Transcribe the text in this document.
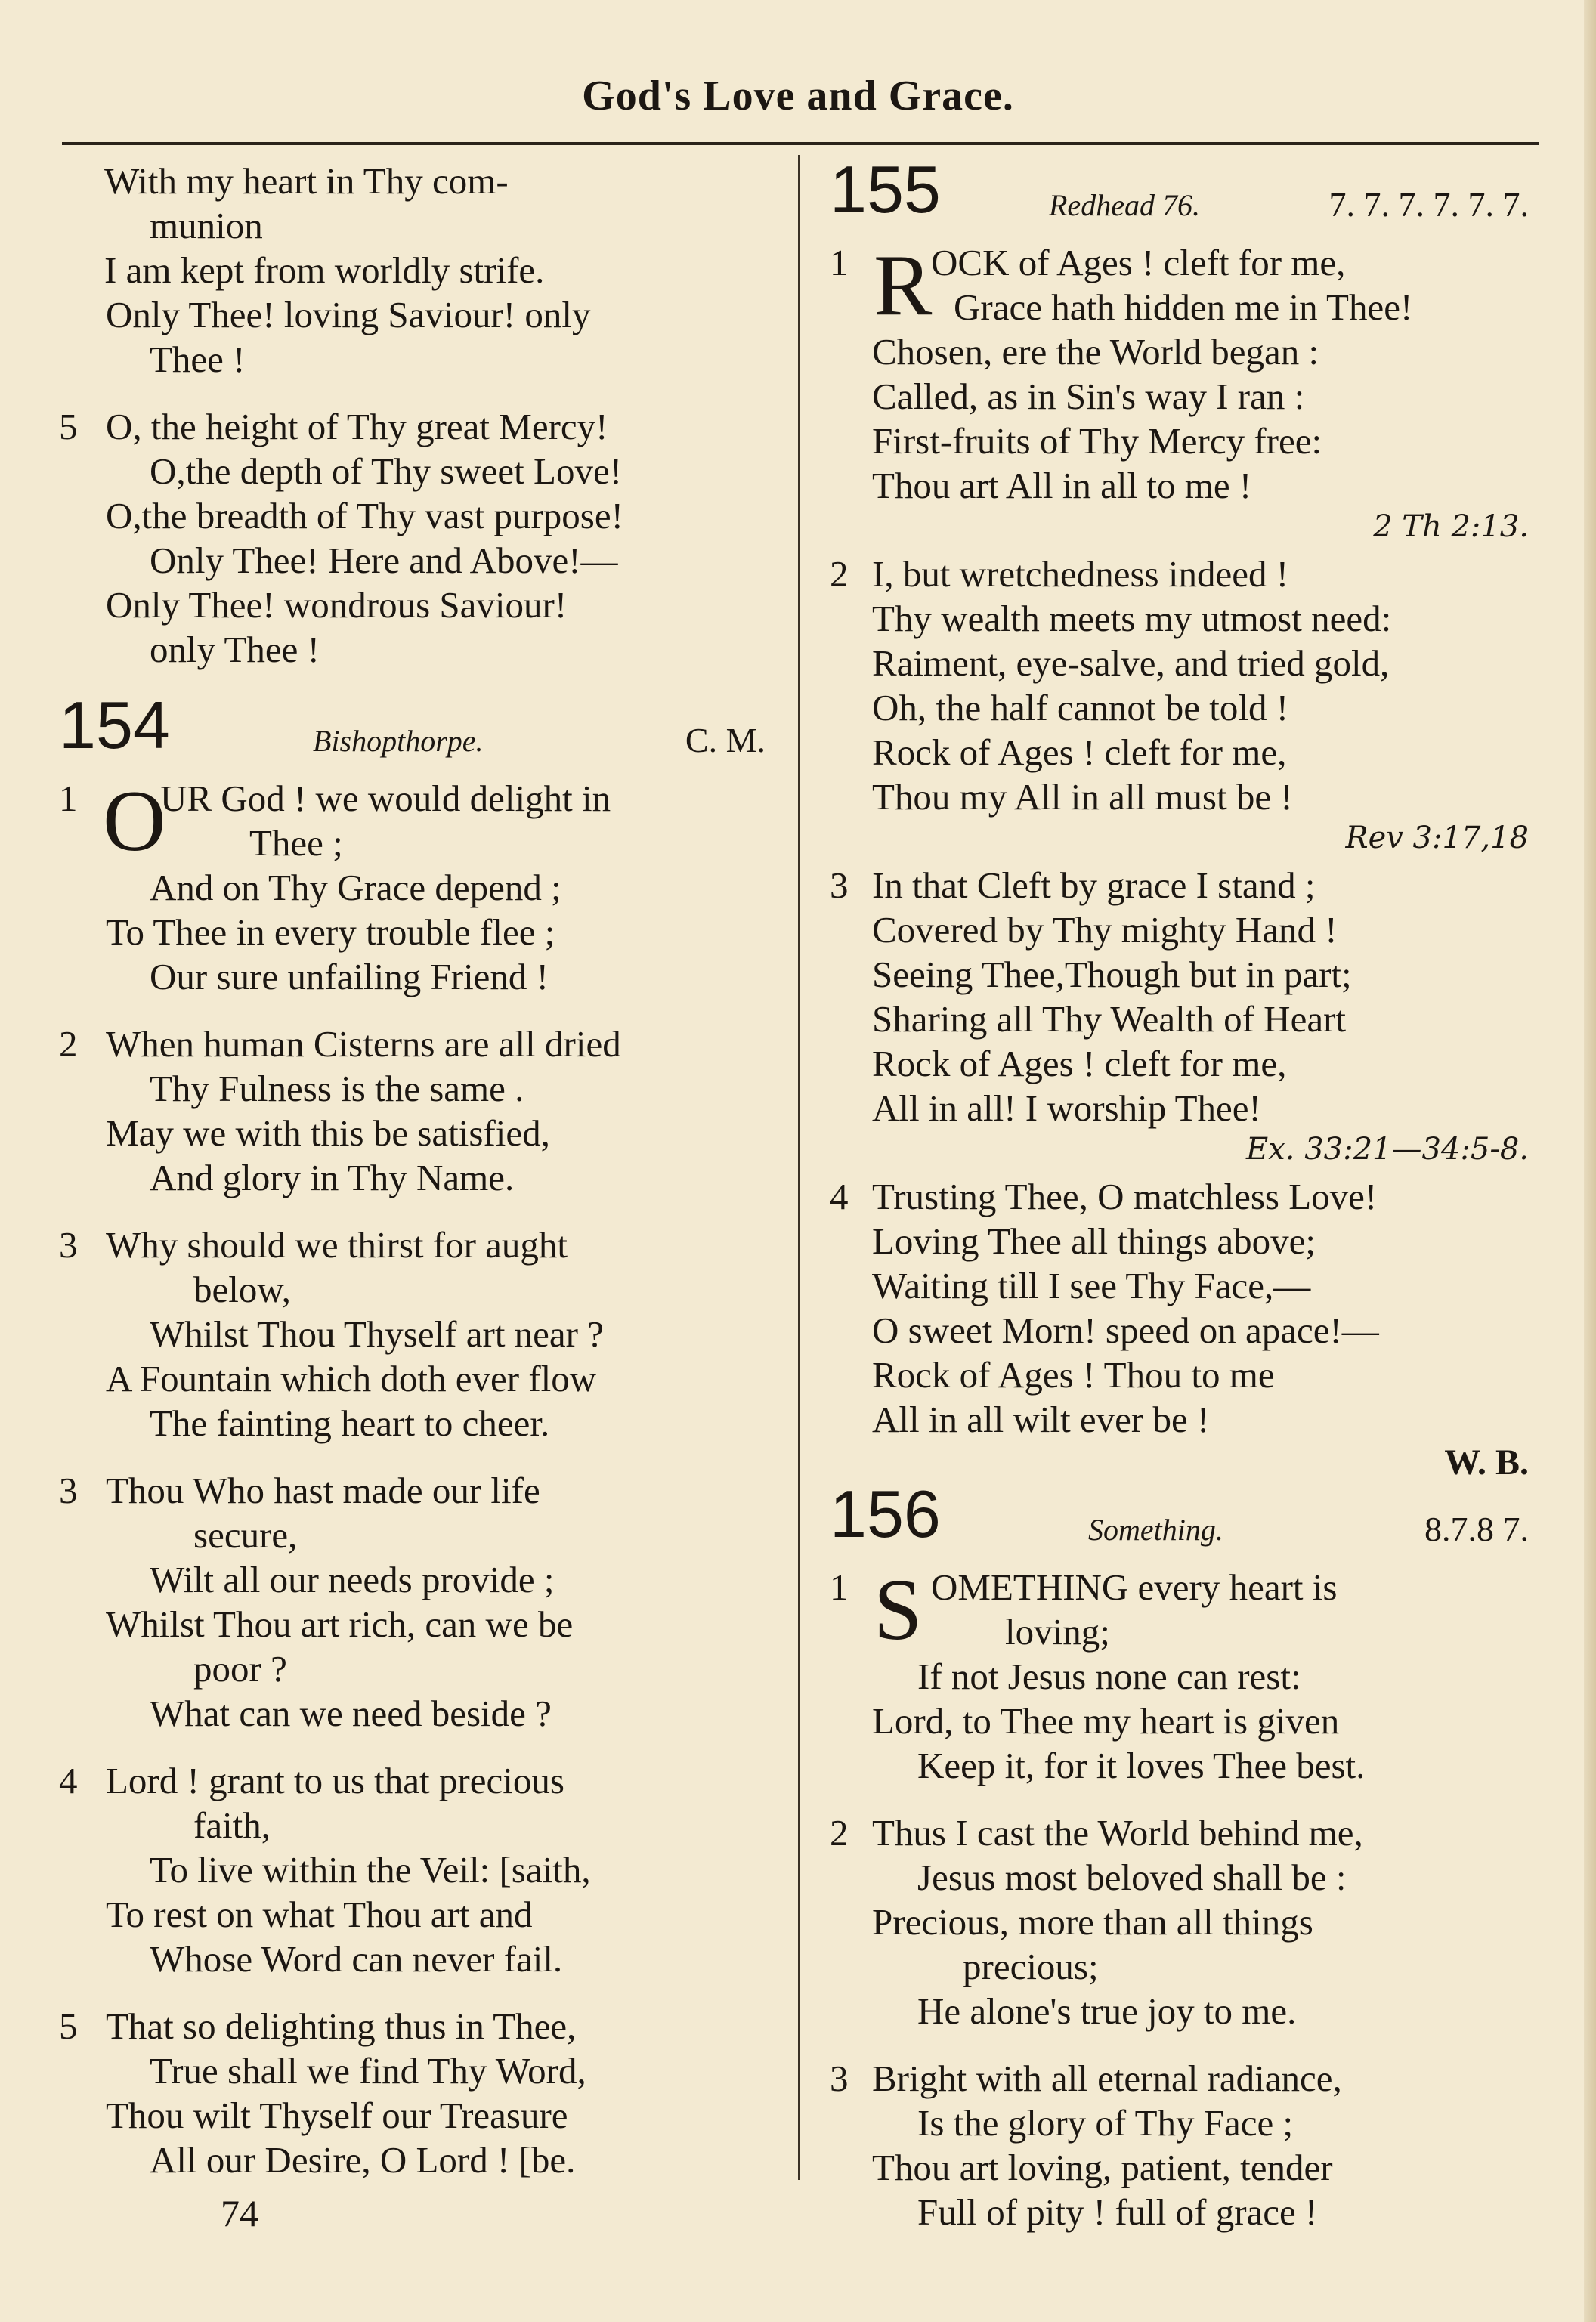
God's Love and Grace.
With my heart in Thy com-
munion
I am kept from worldly strife.
Only Thee! loving Saviour! only
Thee !
5 O, the height of Thy great Mercy!
O,the depth of Thy sweet Love!
O,the breadth of Thy vast purpose!
Only Thee! Here and Above!—
Only Thee! wondrous Saviour!
only Thee !
154	Bishopthorpe.	C. M.
O
1 UR God ! we would delight in
Thee ;
And on Thy Grace depend ;
To Thee in every trouble flee ;
Our sure unfailing Friend !
2 When human Cisterns are all dried
Thy Fulness is the same .
May we with this be satisfied,
And glory in Thy Name.
3 Why should we thirst for aught
below,
Whilst Thou Thyself art near ?
A Fountain which doth ever flow
The fainting heart to cheer.
3 Thou Who hast made our life
secure,
Wilt all our needs provide ;
Whilst Thou art rich, can we be
poor ?
What can we need beside ?
4 Lord ! grant to us that precious
faith,
To live within the Veil: [saith,
To rest on what Thou art and
Whose Word can never fail.
5 That so delighting thus in Thee,
True shall we find Thy Word,
Thou wilt Thyself our Treasure
All our Desire, O Lord ! [be.
74
155	Redhead 76.	7. 7. 7. 7. 7. 7.
R
1 OCK of Ages ! cleft for me,
Grace hath hidden me in Thee!
Chosen, ere the World began :
Called, as in Sin's way I ran :
First-fruits of Thy Mercy free:
Thou art All in all to me !
2 Th 2:13.
2 I, but wretchedness indeed !
Thy wealth meets my utmost need:
Raiment, eye-salve, and tried gold,
Oh, the half cannot be told !
Rock of Ages ! cleft for me,
Thou my All in all must be !
Rev 3:17,18
3 In that Cleft by grace I stand ;
Covered by Thy mighty Hand !
Seeing Thee,Though but in part;
Sharing all Thy Wealth of Heart
Rock of Ages ! cleft for me,
All in all! I worship Thee!
Ex. 33:21—34:5-8.
4 Trusting Thee, O matchless Love!
Loving Thee all things above;
Waiting till I see Thy Face,—
O sweet Morn! speed on apace!—
Rock of Ages ! Thou to me
All in all wilt ever be !
W. B.
156	Something.	8.7.8 7.
S
1 OMETHING every heart is
loving;
If not Jesus none can rest:
Lord, to Thee my heart is given
Keep it, for it loves Thee best.
2 Thus I cast the World behind me,
Jesus most beloved shall be :
Precious, more than all things
precious;
He alone's true joy to me.
3 Bright with all eternal radiance,
Is the glory of Thy Face ;
Thou art loving, patient, tender
Full of pity ! full of grace !
